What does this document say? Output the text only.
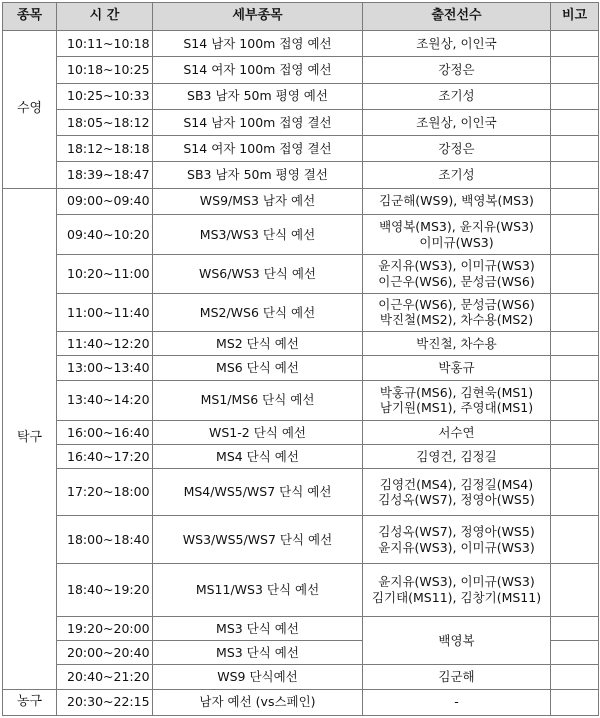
종목	시 간	세부종목	출전선수	비고
수영	10:11~10:18	S14 남자 100m 접영 예선	조원상, 이인국	

	10:18~10:25	S14 여자 100m 접영 예선	강정은	

	10:25~10:33	SB3 남자 50m 평영 예선	조기성	

	18:05~18:12	S14 남자 100m 접영 결선	조원상, 이인국	

	18:12~18:18	S14 여자 100m 접영 결선	강정은	

	18:39~18:47	SB3 남자 50m 평영 결선	조기성	

탁구	09:00~09:40	WS9/MS3 남자 예선	김군해(WS9), 백영복(MS3)	

	09:40~10:20	MS3/WS3 단식 예선	백영복(MS3), 윤지유(WS3)
이미규(WS3)	

	10:20~11:00	WS6/WS3 단식 예선	윤지유(WS3), 이미규(WS3)
이근우(WS6), 문성금(WS6)	

	11:00~11:40	MS2/WS6 단식 예선	이근우(WS6), 문성금(WS6)
박진철(MS2), 차수용(MS2)	

	11:40~12:20	MS2 단식 예선	박진철, 차수용	

	13:00~13:40	MS6 단식 예선	박홍규	

	13:40~14:20	MS1/MS6 단식 예선	박홍규(MS6), 김현욱(MS1)
남기원(MS1), 주영대(MS1)	

	16:00~16:40	WS1-2 단식 예선	서수연	

	16:40~17:20	MS4 단식 예선	김영건, 김정길	

	17:20~18:00	MS4/WS5/WS7 단식 예선	김영건(MS4), 김정길(MS4)
김성옥(WS7), 정영아(WS5)	

	18:00~18:40	WS3/WS5/WS7 단식 예선	김성옥(WS7), 정영아(WS5)
윤지유(WS3), 이미규(WS3)	

	18:40~19:20	MS11/WS3 단식 예선	윤지유(WS3), 이미규(WS3)
김기태(MS11), 김창기(MS11)	

	19:20~20:00	MS3 단식 예선	백영복	

	20:00~20:40	MS3 단식 예선		
	20:40~21:20	WS9 단식예선	김군해	

농구	20:30~22:15	남자 예선 (vs스페인)	-	
